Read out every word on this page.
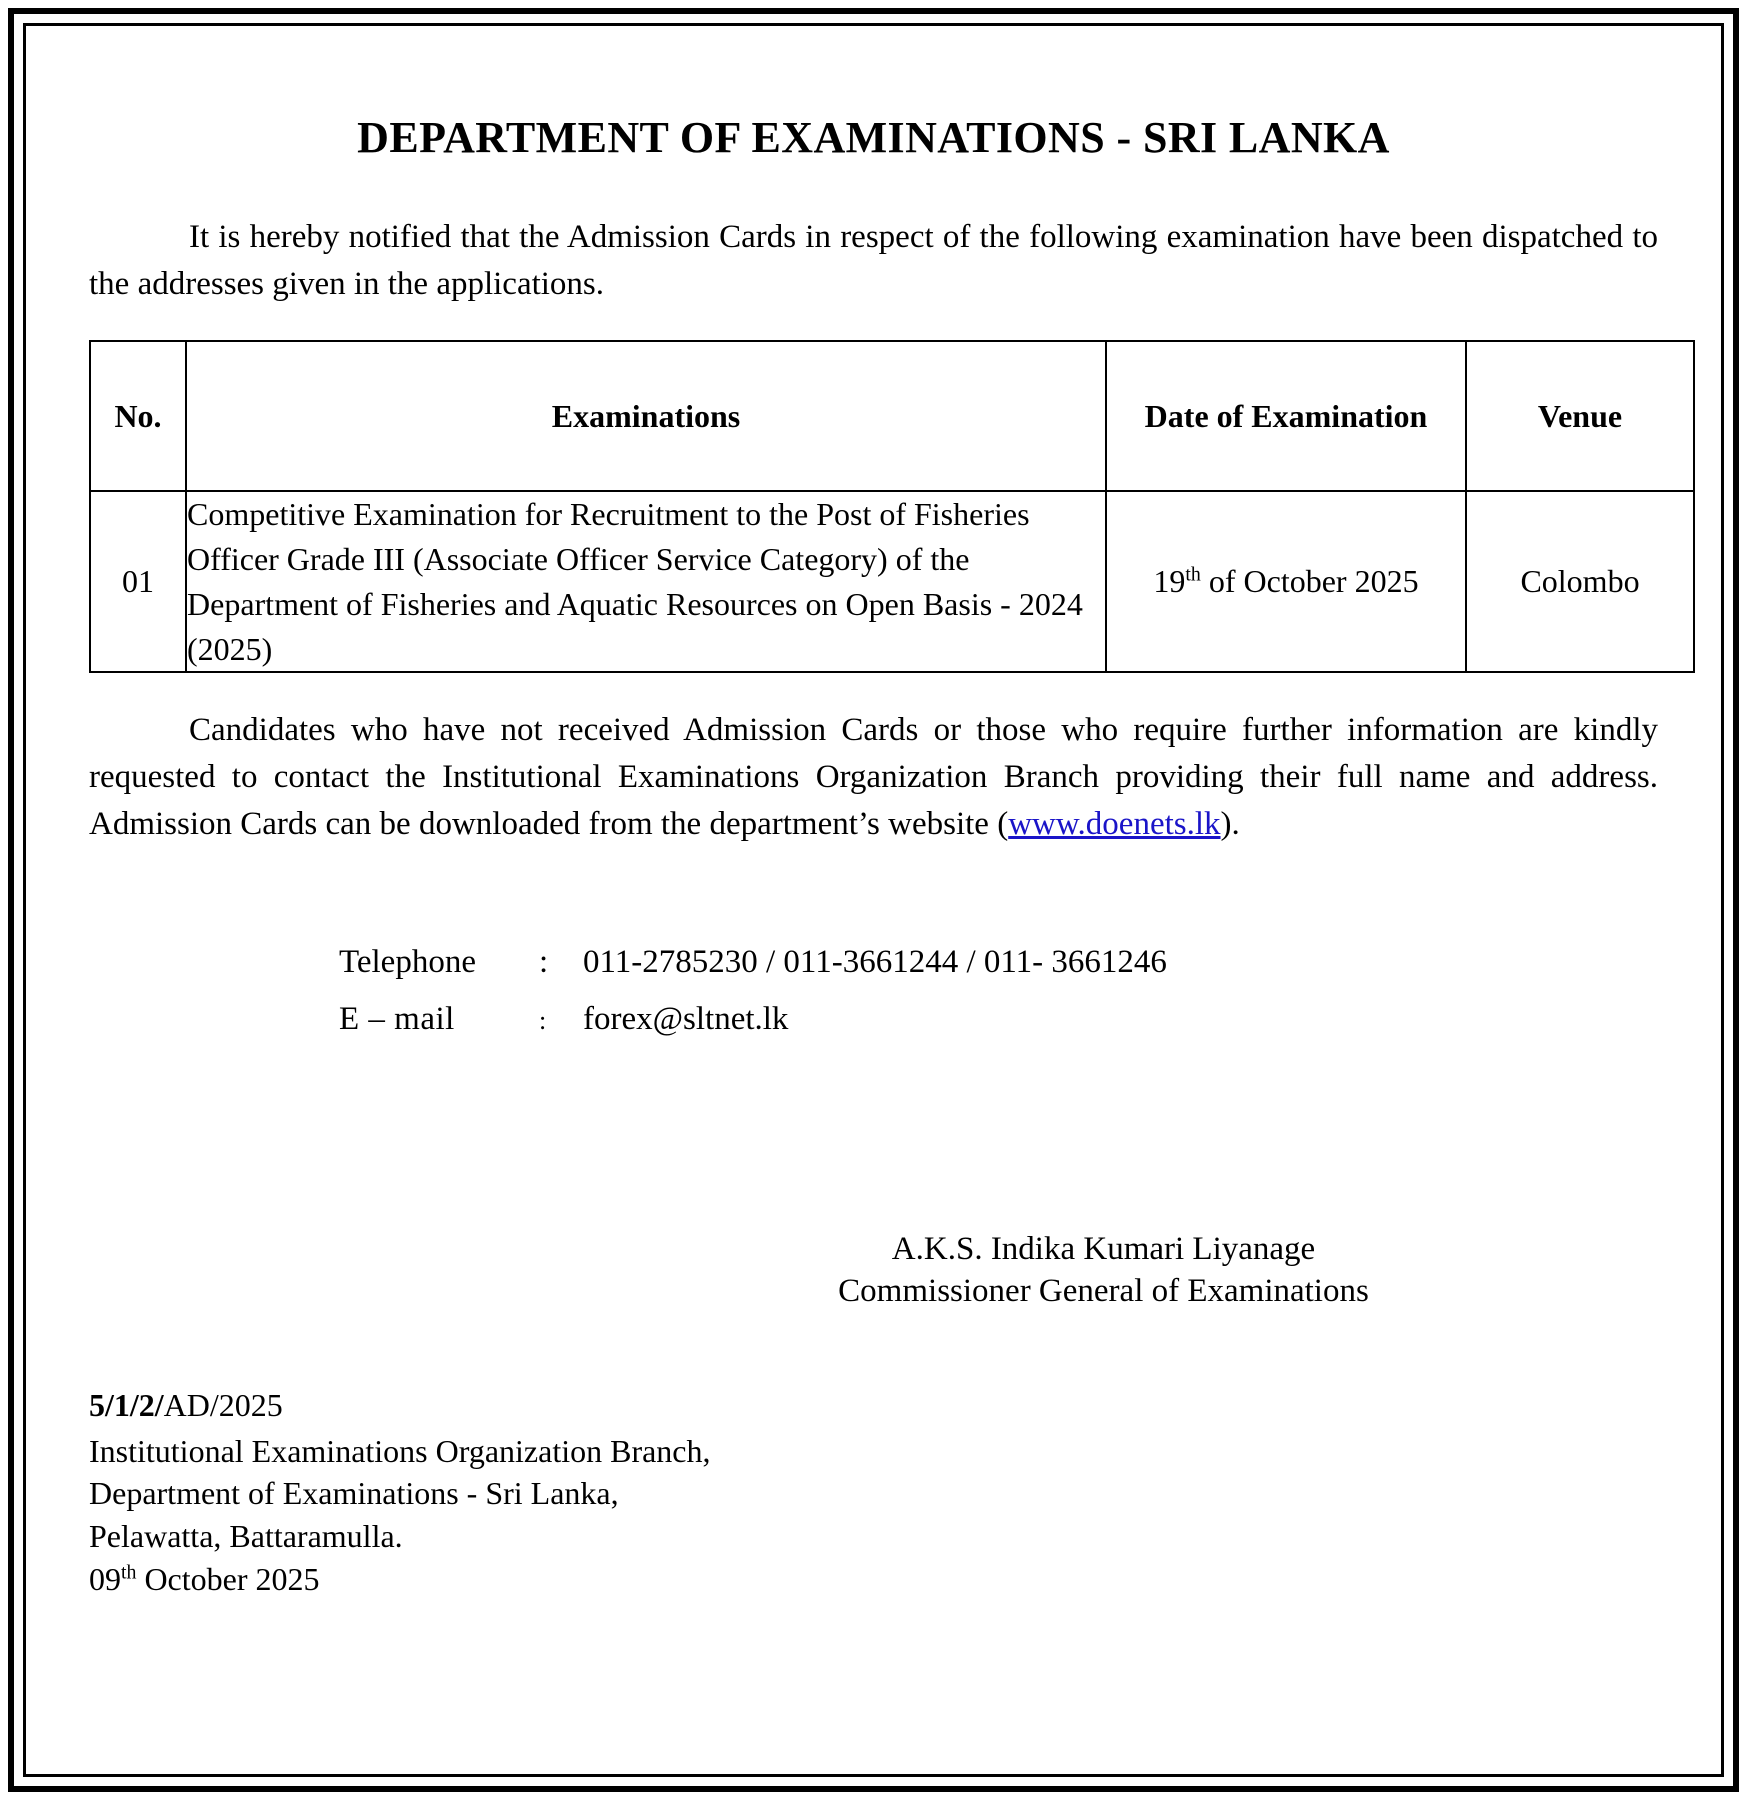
DEPARTMENT OF EXAMINATIONS - SRI LANKA

It is hereby notified that the Admission Cards in respect of the following examination have been dispatched to the addresses given in the applications.

No.	Examinations	Date of Examination	Venue
01	Competitive Examination for Recruitment to the Post of Fisheries Officer Grade III (Associate Officer Service Category) of the Department of Fisheries and Aquatic Resources on Open Basis - 2024 (2025)	19th of October 2025	Colombo

Candidates who have not received Admission Cards or those who require further information are kindly requested to contact the Institutional Examinations Organization Branch providing their full name and address. Admission Cards can be downloaded from the department’s website (www.doenets.lk).

Telephone	:	011-2785230 / 011-3661244 / 011- 3661246
E – mail	:	forex@sltnet.lk
A.K.S. Indika Kumari Liyanage
Commissioner General of Examinations
5/1/2/AD/2025
Institutional Examinations Organization Branch,
Department of Examinations - Sri Lanka,
Pelawatta, Battaramulla.
09th October 2025
